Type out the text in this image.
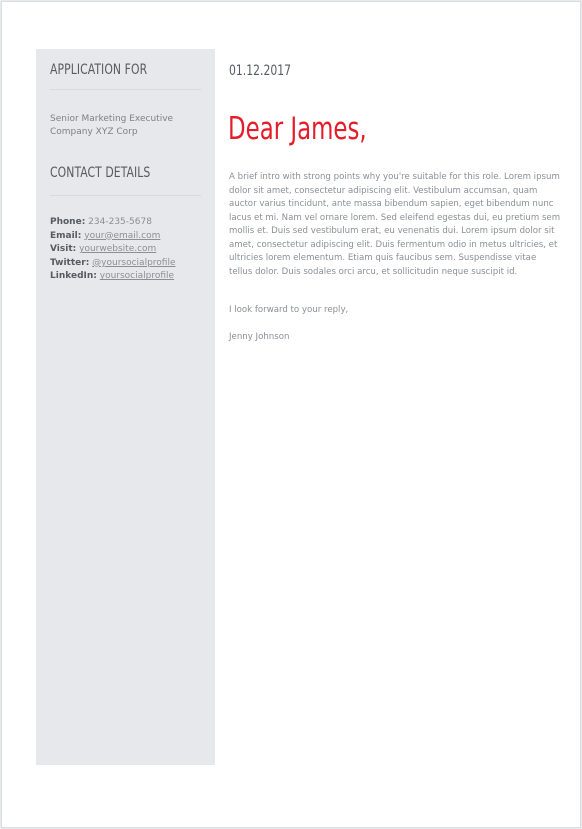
APPLICATION FOR
Senior Marketing Executive
Company XYZ Corp
CONTACT DETAILS
Phone: 234-235-5678
Email: your@email.com
Visit: yourwebsite.com
Twitter: @yoursocialprofile
LinkedIn: yoursocialprofile
01.12.2017
Dear James,
A brief intro with strong points why you're suitable for this role. Lorem ipsum dolor sit amet, consectetur adipiscing elit. Vestibulum accumsan, quam auctor varius tincidunt, ante massa bibendum sapien, eget bibendum nunc lacus et mi. Nam vel ornare lorem. Sed eleifend egestas dui, eu pretium sem mollis et. Duis sed vestibulum erat, eu venenatis dui. Lorem ipsum dolor sit amet, consectetur adipiscing elit. Duis fermentum odio in metus ultricies, et ultricies lorem elementum. Etiam quis faucibus sem. Suspendisse vitae tellus dolor. Duis sodales orci arcu, et sollicitudin neque suscipit id.
I look forward to your reply,
Jenny Johnson
